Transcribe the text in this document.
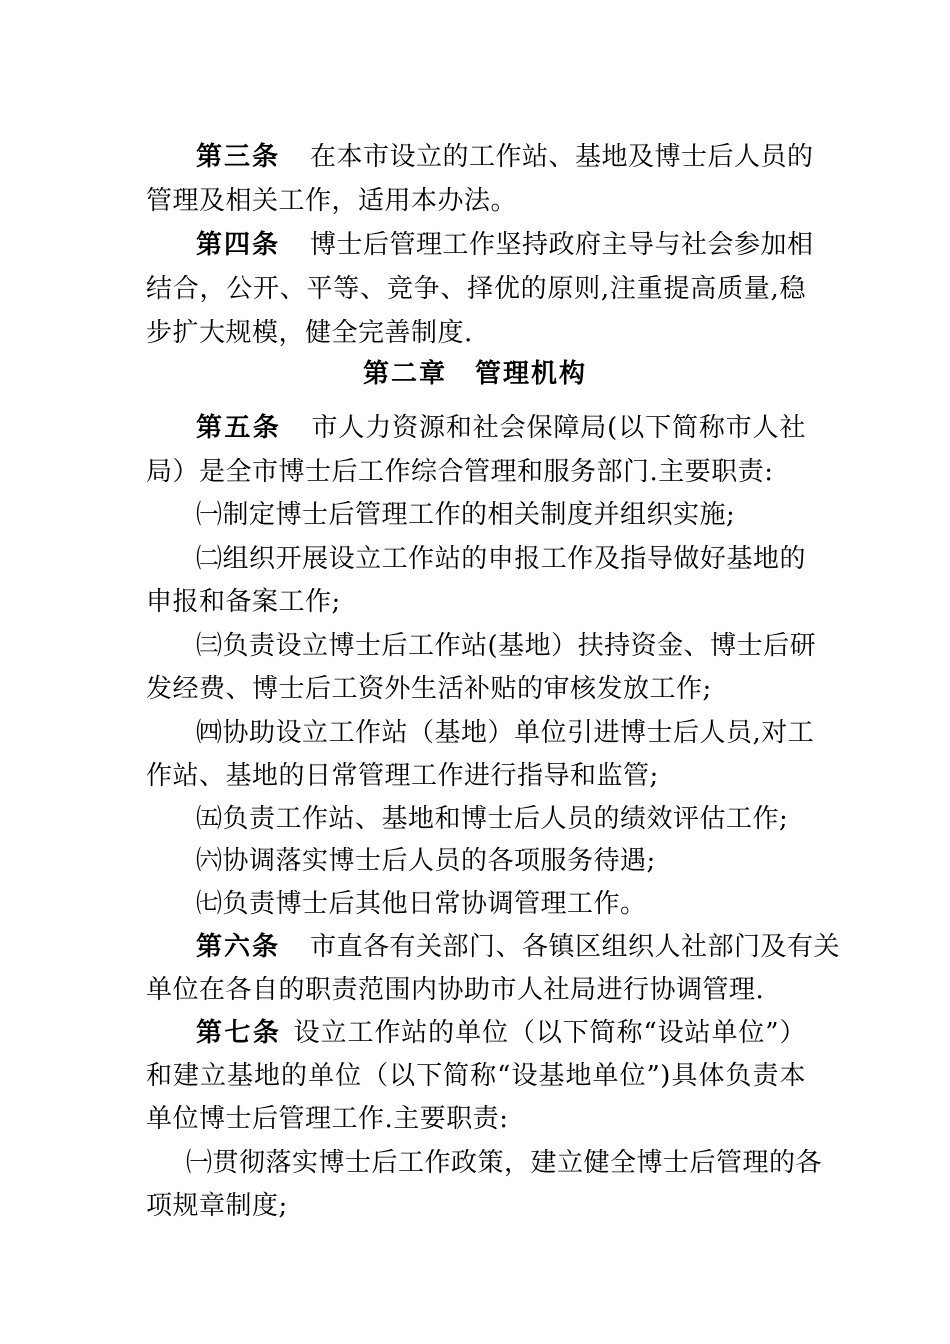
第三条 在本市设立的工作站、基地及博士后人员的
管理及相关工作，适用本办法。
第四条 博士后管理工作坚持政府主导与社会参加相
结合，公开、平等、竞争、择优的原则,注重提高质量,稳
步扩大规模，健全完善制度.
第二章　管理机构
第五条 市人力资源和社会保障局(以下简称市人社
局）是全市博士后工作综合管理和服务部门.主要职责:
㈠制定博士后管理工作的相关制度并组织实施;
㈡组织开展设立工作站的申报工作及指导做好基地的
申报和备案工作;
㈢负责设立博士后工作站(基地）扶持资金、博士后研
发经费、博士后工资外生活补贴的审核发放工作;
㈣协助设立工作站（基地）单位引进博士后人员,对工
作站、基地的日常管理工作进行指导和监管;
㈤负责工作站、基地和博士后人员的绩效评估工作;
㈥协调落实博士后人员的各项服务待遇;
㈦负责博士后其他日常协调管理工作。
第六条 市直各有关部门、各镇区组织人社部门及有关
单位在各自的职责范围内协助市人社局进行协调管理.
第七条 设立工作站的单位（以下简称“设站单位”）
和建立基地的单位（以下简称“设基地单位”)具体负责本
单位博士后管理工作.主要职责:
㈠贯彻落实博士后工作政策，建立健全博士后管理的各
项规章制度;
